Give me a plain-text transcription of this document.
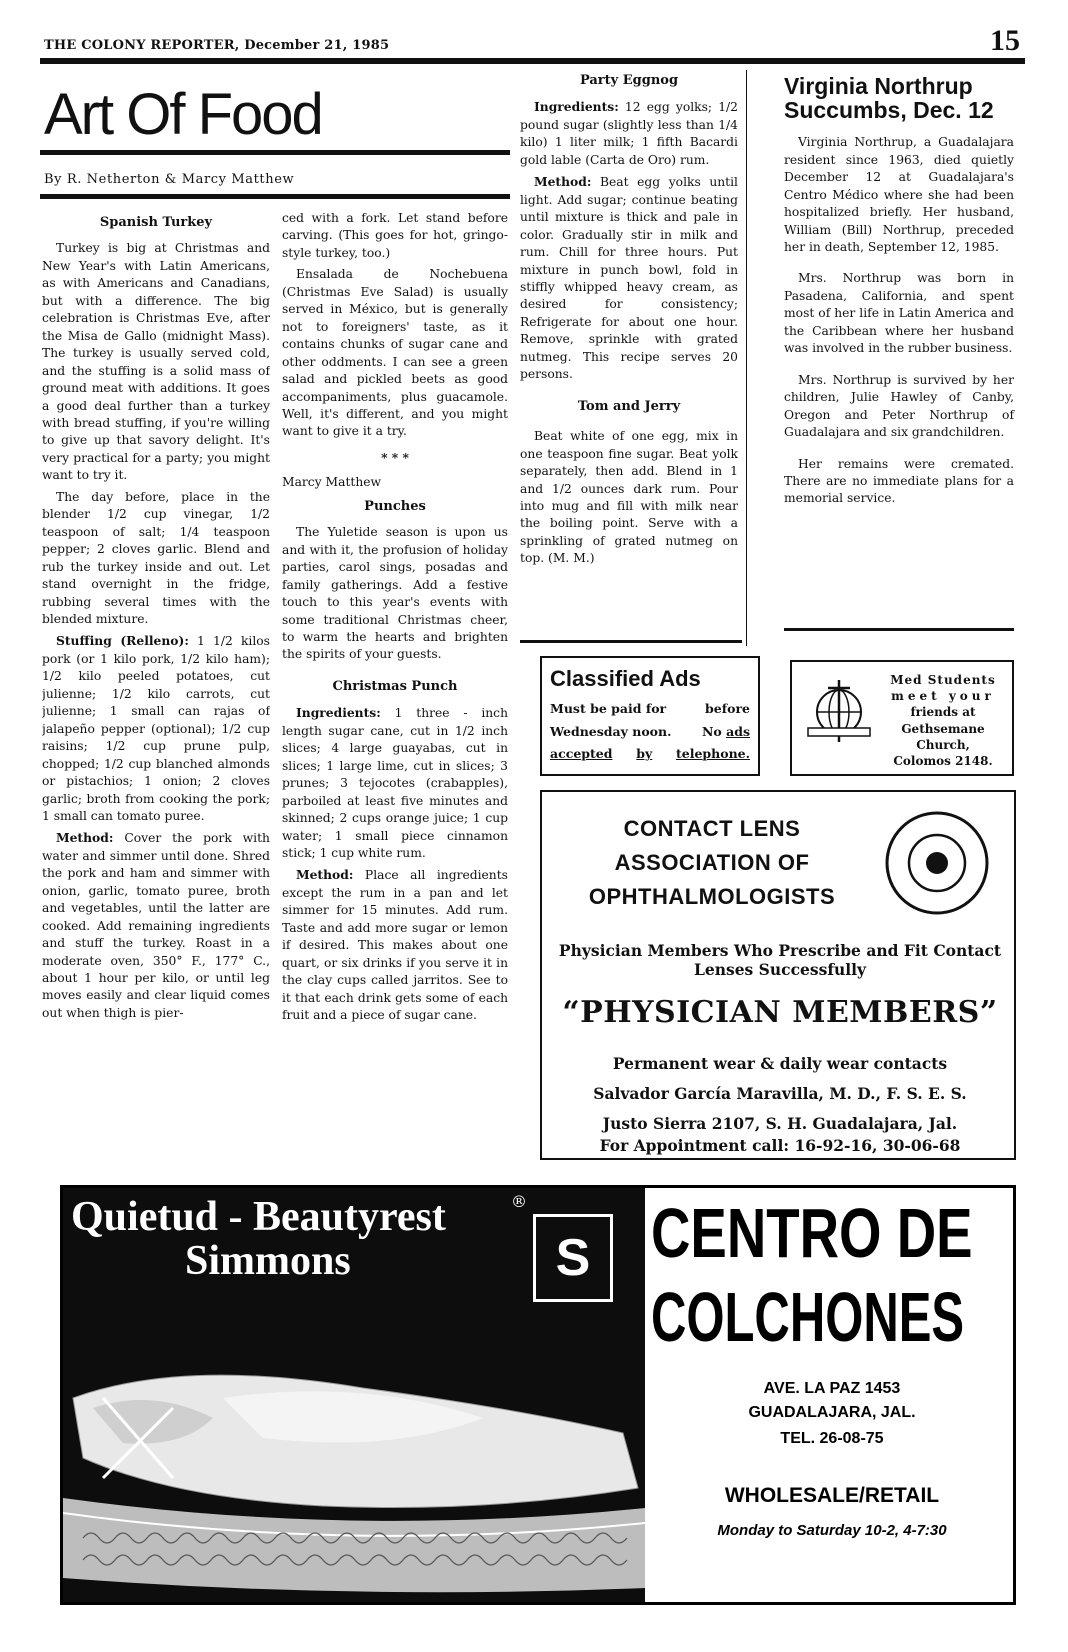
THE COLONY REPORTER, December 21, 1985	15
Art Of Food
By R. Netherton & Marcy Matthew
Spanish Turkey

Turkey is big at Christmas and New Year's with Latin Americans, as with Americans and Canadians, but with a difference. The big celebration is Christmas Eve, after the Misa de Gallo (midnight Mass). The turkey is usually served cold, and the stuffing is a solid mass of ground meat with additions. It goes a good deal further than a turkey with bread stuffing, if you're willing to give up that savory delight. It's very practical for a party; you might want to try it.

The day before, place in the blender 1/2 cup vinegar, 1/2 teaspoon of salt; 1/4 teaspoon pepper; 2 cloves garlic. Blend and rub the turkey inside and out. Let stand overnight in the fridge, rubbing several times with the blended mixture.

Stuffing (Relleno): 1 1/2 kilos pork (or 1 kilo pork, 1/2 kilo ham); 1/2 kilo peeled potatoes, cut julienne; 1/2 kilo carrots, cut julienne; 1 small can rajas of jalapeño pepper (optional); 1/2 cup raisins; 1/2 cup prune pulp, chopped; 1/2 cup blanched almonds or pistachios; 1 onion; 2 cloves garlic; broth from cooking the pork; 1 small can tomato puree.

Method: Cover the pork with water and simmer until done. Shred the pork and ham and simmer with onion, garlic, tomato puree, broth and vegetables, until the latter are cooked. Add remaining ingredients and stuff the turkey. Roast in a moderate oven, 350° F., 177° C., about 1 hour per kilo, or until leg moves easily and clear liquid comes out when thigh is pier-

ced with a fork. Let stand before carving. (This goes for hot, gringo-style turkey, too.)

Ensalada de Nochebuena (Christmas Eve Salad) is usually served in México, but is generally not to foreigners' taste, as it contains chunks of sugar cane and other oddments. I can see a green salad and pickled beets as good accompaniments, plus guacamole. Well, it's different, and you might want to give it a try.

* * *

Marcy Matthew

Punches

The Yuletide season is upon us and with it, the profusion of holiday parties, carol sings, posadas and family gatherings. Add a festive touch to this year's events with some traditional Christmas cheer, to warm the hearts and brighten the spirits of your guests.

Christmas Punch

Ingredients: 1 three - inch length sugar cane, cut in 1/2 inch slices; 4 large guayabas, cut in slices; 1 large lime, cut in slices; 3 prunes; 3 tejocotes (crabapples), parboiled at least five minutes and skinned; 2 cups orange juice; 1 cup water; 1 small piece cinnamon stick; 1 cup white rum.

Method: Place all ingredients except the rum in a pan and let simmer for 15 minutes. Add rum. Taste and add more sugar or lemon if desired. This makes about one quart, or six drinks if you serve it in the clay cups called jarritos. See to it that each drink gets some of each fruit and a piece of sugar cane.

Party Eggnog

Ingredients: 12 egg yolks; 1/2 pound sugar (slightly less than 1/4 kilo) 1 liter milk; 1 fifth Bacardi gold lable (Carta de Oro) rum.

Method: Beat egg yolks until light. Add sugar; continue beating until mixture is thick and pale in color. Gradually stir in milk and rum. Chill for three hours. Put mixture in punch bowl, fold in stiffly whipped heavy cream, as desired for consistency; Refrigerate for about one hour. Remove, sprinkle with grated nutmeg. This recipe serves 20 persons.

Tom and Jerry

Beat white of one egg, mix in one teaspoon fine sugar. Beat yolk separately, then add. Blend in 1 and 1/2 ounces dark rum. Pour into mug and fill with milk near the boiling point. Serve with a sprinkling of grated nutmeg on top. (M. M.)

Virginia Northrup Succumbs, Dec. 12

Virginia Northrup, a Guadalajara resident since 1963, died quietly December 12 at Guadalajara's Centro Médico where she had been hospitalized briefly. Her husband, William (Bill) Northrup, preceded her in death, September 12, 1985.

Mrs. Northrup was born in Pasadena, California, and spent most of her life in Latin America and the Caribbean where her husband was involved in the rubber business.

Mrs. Northrup is survived by her children, Julie Hawley of Canby, Oregon and Peter Northrup of Guadalajara and six grandchildren.

Her remains were cremated. There are no immediate plans for a memorial service.

Classified Ads
Must be paid for	before
Wednesday noon. No ads
accepted by telephone.
Med Students
meet your
friends at Gethsemane Church,
Colomos 2148.
CONTACT LENS
ASSOCIATION OF
OPHTHALMOLOGISTS
Physician Members Who Prescribe and Fit Contact Lenses Successfully
“PHYSICIAN MEMBERS”
Permanent wear & daily wear contacts
Salvador García Maravilla, M. D., F. S. E. S.
Justo Sierra 2107, S. H. Guadalajara, Jal.
For Appointment call: 16-92-16, 30-06-68
Quietud - Beautyrest	®
Simmons	S CENTRO DE
COLCHONES
AVE. LA PAZ 1453
GUADALAJARA, JAL.
TEL. 26-08-75
WHOLESALE/RETAIL
Monday to Saturday 10-2, 4-7:30
